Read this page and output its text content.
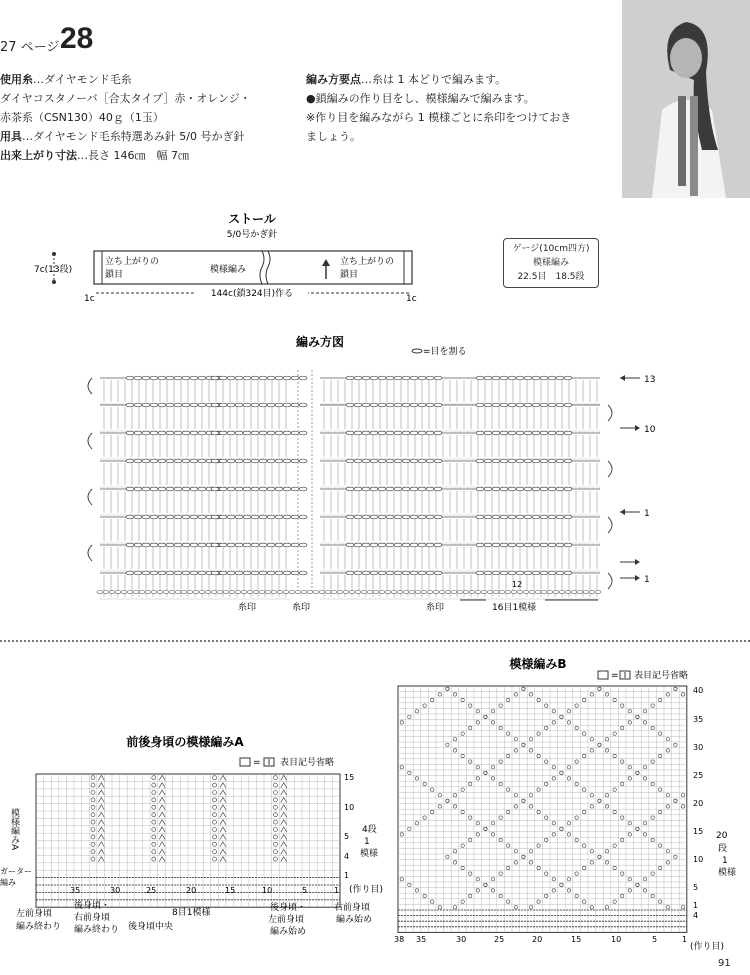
27 ページ 28
使用糸…ダイヤモンド毛糸
ダイヤコスタノーバ［合太タイプ］赤・オレンジ・
赤茶系（CSN130）40ｇ（1玉）
用具…ダイヤモンド毛糸特選あみ針 5/0 号かぎ針
出来上がり寸法…長さ 146㎝　幅 7㎝
編み方要点…糸は 1 本どりで編みます。
●鎖編みの作り目をし、模様編みで編みます。
※作り目を編みながら 1 模様ごとに糸印をつけておき
ましょう。
ストール
5/0号かぎ針
立ち上がりの
鎖目	模様編み
立ち上がりの
鎖目
7c(13段)
1c	1c
144c(鎖324目)作る
ゲージ(10cm四方)
模様編み
22.5目　18.5段
編み方図
=目を割る
13
10
1
1
糸印	糸印	糸印
12
16目1模様
前後身頃の模様編みA
= 表目記号省略
模様編みA
ガーター
編み
15
10
5
4
1
4段
1
模様
(作り目)
35	30	25	20	15	10	5	1
8目1模様
左前身頃
編み終わり
後身頃・
右前身頃
編み終わり 後身頃中央
後身頃・
左前身頃
編み始め
右前身頃
編み始め
模様編みB
= 表目記号省略
40
35
30
25
20
15
10
5
1
4
20
段
1
模様
(作り目)
38 35	30	25	20	15	10	5	1
91
